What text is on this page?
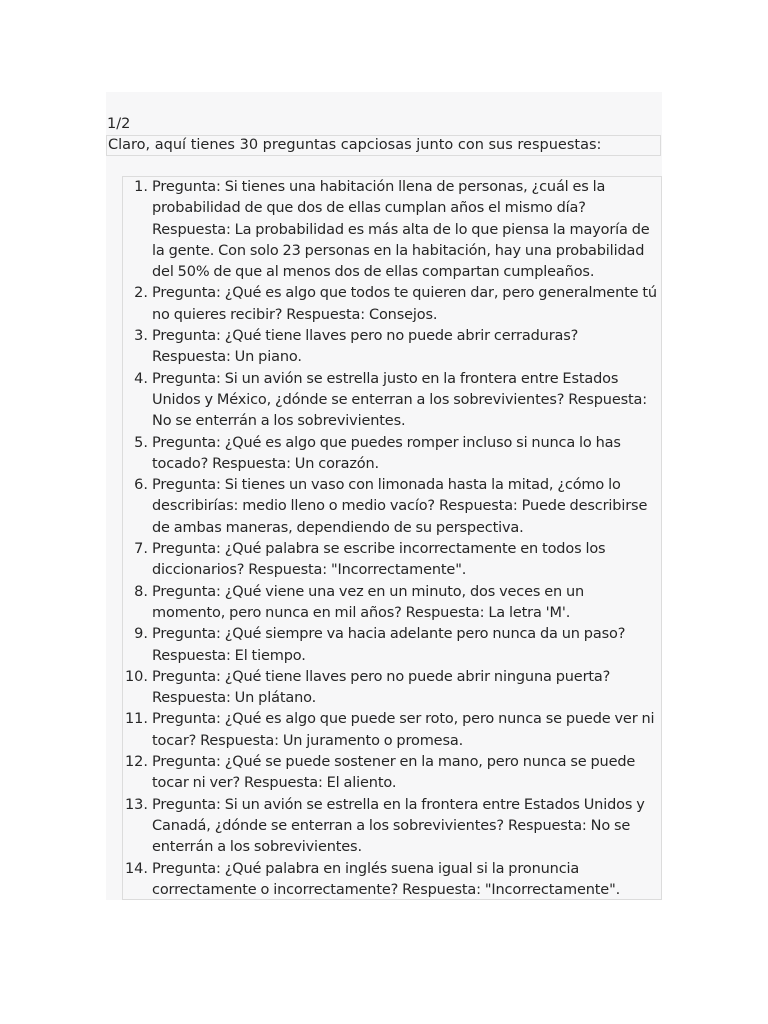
1/2
Claro, aquí tienes 30 preguntas capciosas junto con sus respuestas:
1. Pregunta: Si tienes una habitación llena de personas, ¿cuál es la probabilidad de que dos de ellas cumplan años el mismo día? Respuesta: La probabilidad es más alta de lo que piensa la mayoría de la gente. Con solo 23 personas en la habitación, hay una probabilidad del 50% de que al menos dos de ellas compartan cumpleaños.
2. Pregunta: ¿Qué es algo que todos te quieren dar, pero generalmente tú no quieres recibir? Respuesta: Consejos.
3. Pregunta: ¿Qué tiene llaves pero no puede abrir cerraduras? Respuesta: Un piano.
4. Pregunta: Si un avión se estrella justo en la frontera entre Estados Unidos y México, ¿dónde se enterran a los sobrevivientes? Respuesta: No se enterrán a los sobrevivientes.
5. Pregunta: ¿Qué es algo que puedes romper incluso si nunca lo has tocado? Respuesta: Un corazón.
6. Pregunta: Si tienes un vaso con limonada hasta la mitad, ¿cómo lo describirías: medio lleno o medio vacío? Respuesta: Puede describirse de ambas maneras, dependiendo de su perspectiva.
7. Pregunta: ¿Qué palabra se escribe incorrectamente en todos los diccionarios? Respuesta: "Incorrectamente".
8. Pregunta: ¿Qué viene una vez en un minuto, dos veces en un momento, pero nunca en mil años? Respuesta: La letra 'M'.
9. Pregunta: ¿Qué siempre va hacia adelante pero nunca da un paso? Respuesta: El tiempo.
10. Pregunta: ¿Qué tiene llaves pero no puede abrir ninguna puerta? Respuesta: Un plátano.
11. Pregunta: ¿Qué es algo que puede ser roto, pero nunca se puede ver ni tocar? Respuesta: Un juramento o promesa.
12. Pregunta: ¿Qué se puede sostener en la mano, pero nunca se puede tocar ni ver? Respuesta: El aliento.
13. Pregunta: Si un avión se estrella en la frontera entre Estados Unidos y Canadá, ¿dónde se enterran a los sobrevivientes? Respuesta: No se enterrán a los sobrevivientes.
14. Pregunta: ¿Qué palabra en inglés suena igual si la pronuncia correctamente o incorrectamente? Respuesta: "Incorrectamente".
